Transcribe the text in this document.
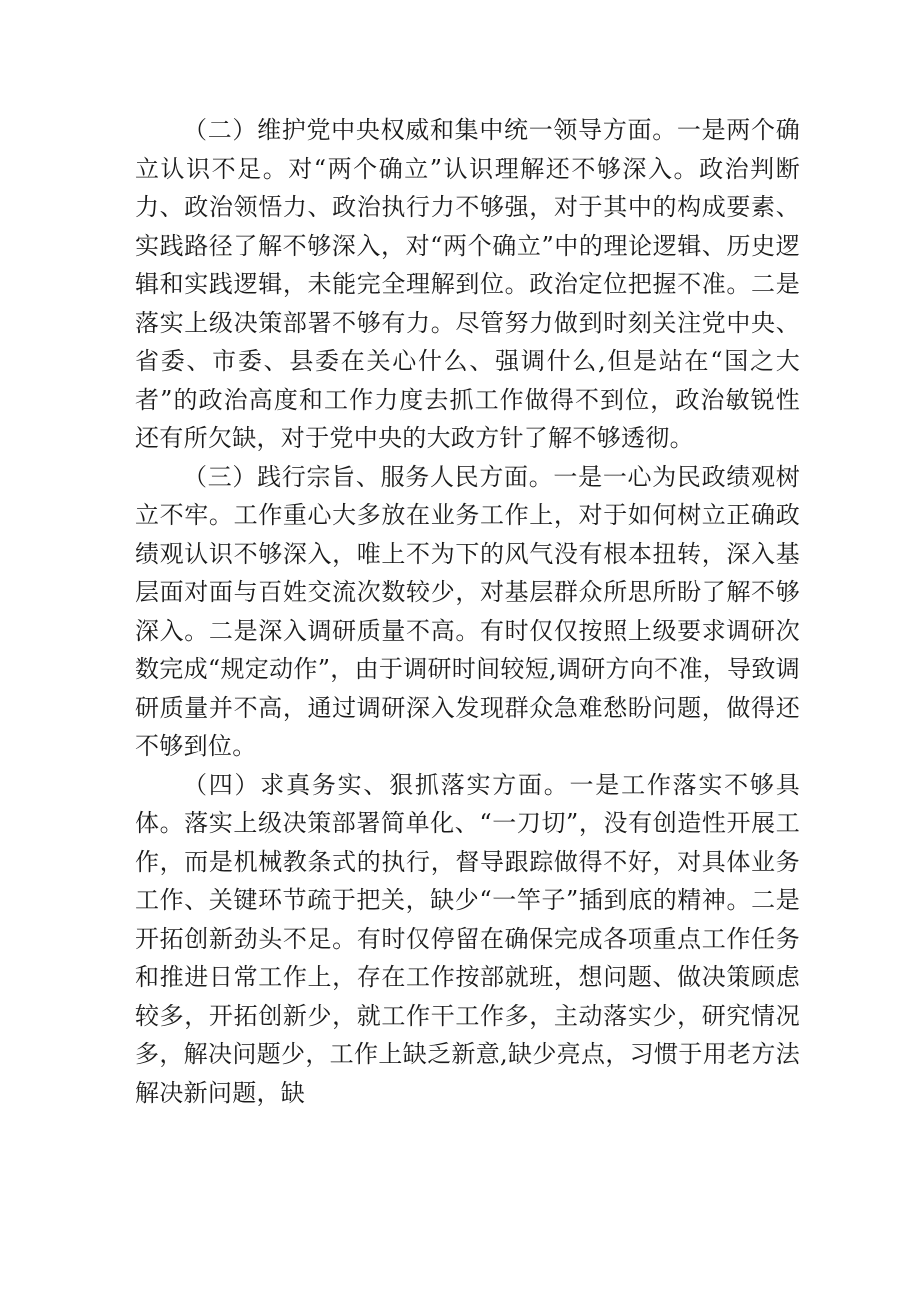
（二）维护党中央权威和集中统一领导方面。一是两个确立认识不足。对“两个确立”认识理解还不够深入。政治判断力、政治领悟力、政治执行力不够强，对于其中的构成要素、实践路径了解不够深入，对“两个确立”中的理论逻辑、历史逻辑和实践逻辑，未能完全理解到位。政治定位把握不准。二是落实上级决策部署不够有力。尽管努力做到时刻关注党中央、省委、市委、县委在关心什么、强调什么,但是站在“国之大者”的政治高度和工作力度去抓工作做得不到位，政治敏锐性还有所欠缺，对于党中央的大政方针了解不够透彻。

（三）践行宗旨、服务人民方面。一是一心为民政绩观树立不牢。工作重心大多放在业务工作上，对于如何树立正确政绩观认识不够深入，唯上不为下的风气没有根本扭转，深入基层面对面与百姓交流次数较少，对基层群众所思所盼了解不够深入。二是深入调研质量不高。有时仅仅按照上级要求调研次数完成“规定动作”，由于调研时间较短,调研方向不准，导致调研质量并不高，通过调研深入发现群众急难愁盼问题，做得还不够到位。

（四）求真务实、狠抓落实方面。一是工作落实不够具体。落实上级决策部署简单化、“一刀切”，没有创造性开展工作，而是机械教条式的执行，督导跟踪做得不好，对具体业务工作、关键环节疏于把关，缺少“一竿子”插到底的精神。二是开拓创新劲头不足。有时仅停留在确保完成各项重点工作任务和推进日常工作上，存在工作按部就班，想问题、做决策顾虑较多，开拓创新少，就工作干工作多，主动落实少，研究情况多，解决问题少，工作上缺乏新意,缺少亮点，习惯于用老方法解决新问题，缺
